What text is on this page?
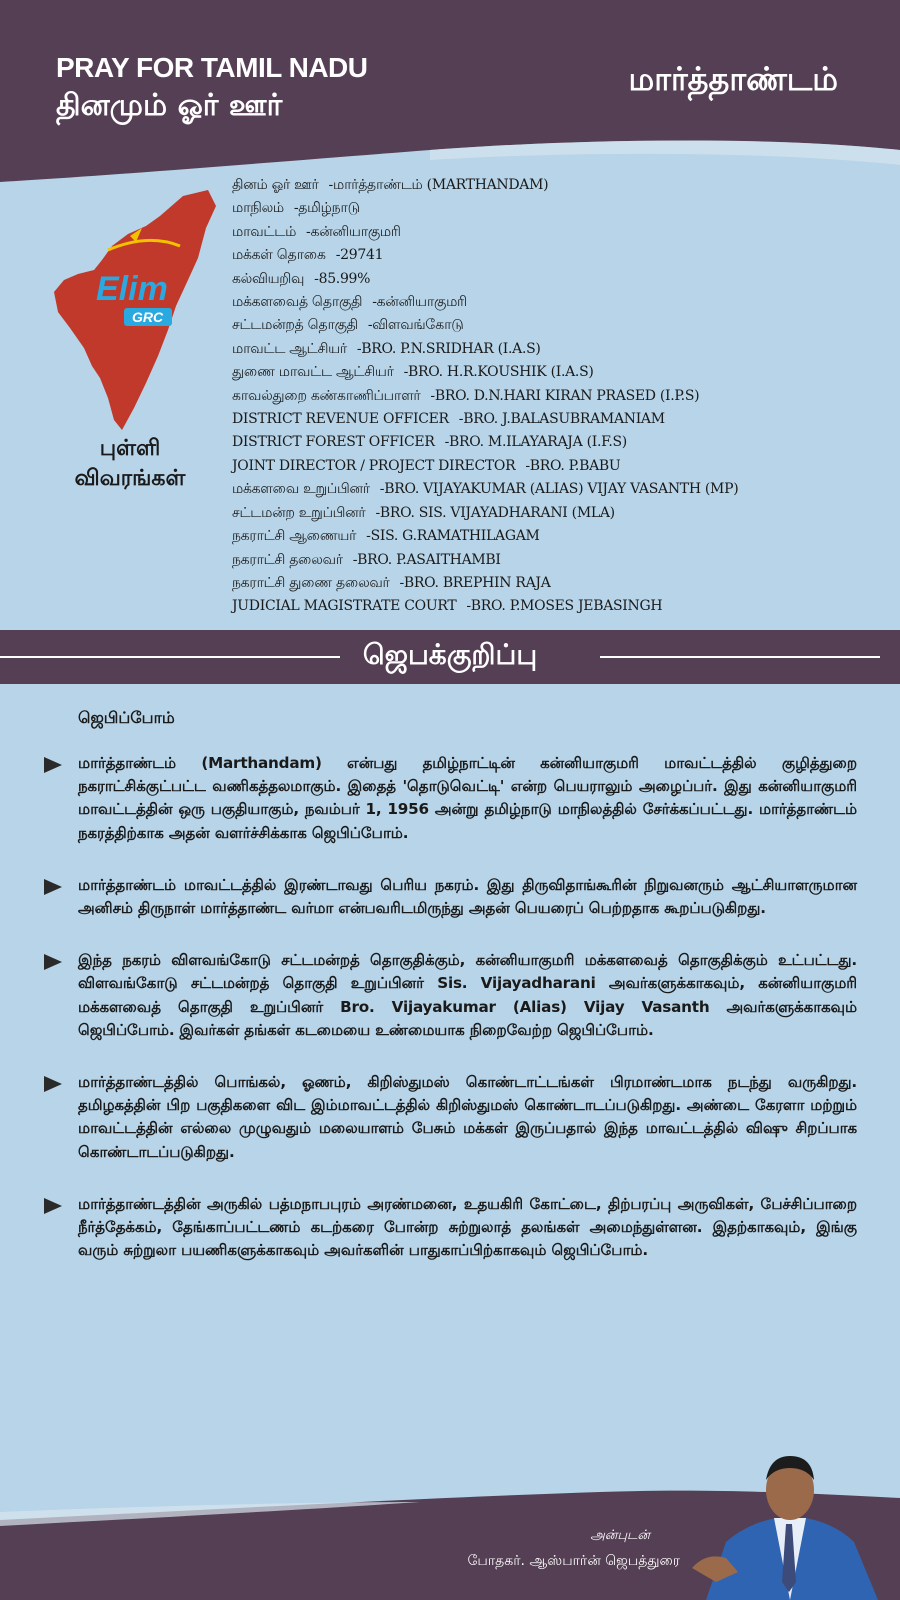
PRAY FOR TAMIL NADU
தினமும் ஓர் ஊர்
மார்த்தாண்டம்
Elim
GRC
புள்ளி
விவரங்கள்
தினம் ஓர் ஊர் -மார்த்தாண்டம் (MARTHANDAM)
மாநிலம் -தமிழ்நாடு
மாவட்டம் -கன்னியாகுமரி
மக்கள் தொகை -29741
கல்வியறிவு -85.99%
மக்களவைத் தொகுதி -கன்னியாகுமரி
சட்டமன்றத் தொகுதி -விளவங்கோடு
மாவட்ட ஆட்சியர் -BRO. P.N.SRIDHAR (I.A.S)
துணை மாவட்ட ஆட்சியர் -BRO. H.R.KOUSHIK (I.A.S)
காவல்துறை கண்காணிப்பாளர் -BRO. D.N.HARI KIRAN PRASED (I.P.S)
DISTRICT REVENUE OFFICER -BRO. J.BALASUBRAMANIAM
DISTRICT FOREST OFFICER -BRO. M.ILAYARAJA (I.F.S)
JOINT DIRECTOR / PROJECT DIRECTOR -BRO. P.BABU
மக்களவை உறுப்பினர் -BRO. VIJAYAKUMAR (ALIAS) VIJAY VASANTH (MP)
சட்டமன்ற உறுப்பினர் -BRO. SIS. VIJAYADHARANI (MLA)
நகராட்சி ஆணையர் -SIS. G.RAMATHILAGAM
நகராட்சி தலைவர் -BRO. P.ASAITHAMBI
நகராட்சி துணை தலைவர் -BRO. BREPHIN RAJA
JUDICIAL MAGISTRATE COURT -BRO. P.MOSES JEBASINGH
ஜெபக்குறிப்பு
ஜெபிப்போம்
மார்த்தாண்டம் (Marthandam) என்பது தமிழ்நாட்டின் கன்னியாகுமரி மாவட்டத்தில் குழித்துறை நகராட்சிக்குட்பட்ட வணிகத்தலமாகும். இதைத் 'தொடுவெட்டி' என்ற பெயராலும் அழைப்பர். இது கன்னியாகுமரி மாவட்டத்தின் ஒரு பகுதியாகும், நவம்பர் 1, 1956 அன்று தமிழ்நாடு மாநிலத்தில் சேர்க்கப்பட்டது. மார்த்தாண்டம் நகரத்திற்காக அதன் வளர்ச்சிக்காக ஜெபிப்போம்.
மார்த்தாண்டம் மாவட்டத்தில் இரண்டாவது பெரிய நகரம். இது திருவிதாங்கூரின் நிறுவனரும் ஆட்சியாளருமான அனிசம் திருநாள் மார்த்தாண்ட வர்மா என்பவரிடமிருந்து அதன் பெயரைப் பெற்றதாக கூறப்படுகிறது.
இந்த நகரம் விளவங்கோடு சட்டமன்றத் தொகுதிக்கும், கன்னியாகுமரி மக்களவைத் தொகுதிக்கும் உட்பட்டது. விளவங்கோடு சட்டமன்றத் தொகுதி உறுப்பினர் Sis. Vijayadharani அவர்களுக்காகவும், கன்னியாகுமரி மக்களவைத் தொகுதி உறுப்பினர் Bro. Vijayakumar (Alias) Vijay Vasanth அவர்களுக்காகவும் ஜெபிப்போம். இவர்கள் தங்கள் கடமையை உண்மையாக நிறைவேற்ற ஜெபிப்போம்.
மார்த்தாண்டத்தில் பொங்கல், ஓணம், கிறிஸ்துமஸ் கொண்டாட்டங்கள் பிரமாண்டமாக நடந்து வருகிறது. தமிழகத்தின் பிற பகுதிகளை விட இம்மாவட்டத்தில் கிறிஸ்துமஸ் கொண்டாடப்படுகிறது. அண்டை கேரளா மற்றும் மாவட்டத்தின் எல்லை முழுவதும் மலையாளம் பேசும் மக்கள் இருப்பதால் இந்த மாவட்டத்தில் விஷு சிறப்பாக கொண்டாடப்படுகிறது.
மார்த்தாண்டத்தின் அருகில் பத்மநாபபுரம் அரண்மனை, உதயகிரி கோட்டை, திற்பரப்பு அருவிகள், பேச்சிப்பாறை நீர்த்தேக்கம், தேங்காப்பட்டணம் கடற்கரை போன்ற சுற்றுலாத் தலங்கள் அமைந்துள்ளன. இதற்காகவும், இங்கு வரும் சுற்றுலா பயணிகளுக்காகவும் அவர்களின் பாதுகாப்பிற்காகவும் ஜெபிப்போம்.
அன்புடன்
போதகர். ஆஸ்பார்ன் ஜெபத்துரை
